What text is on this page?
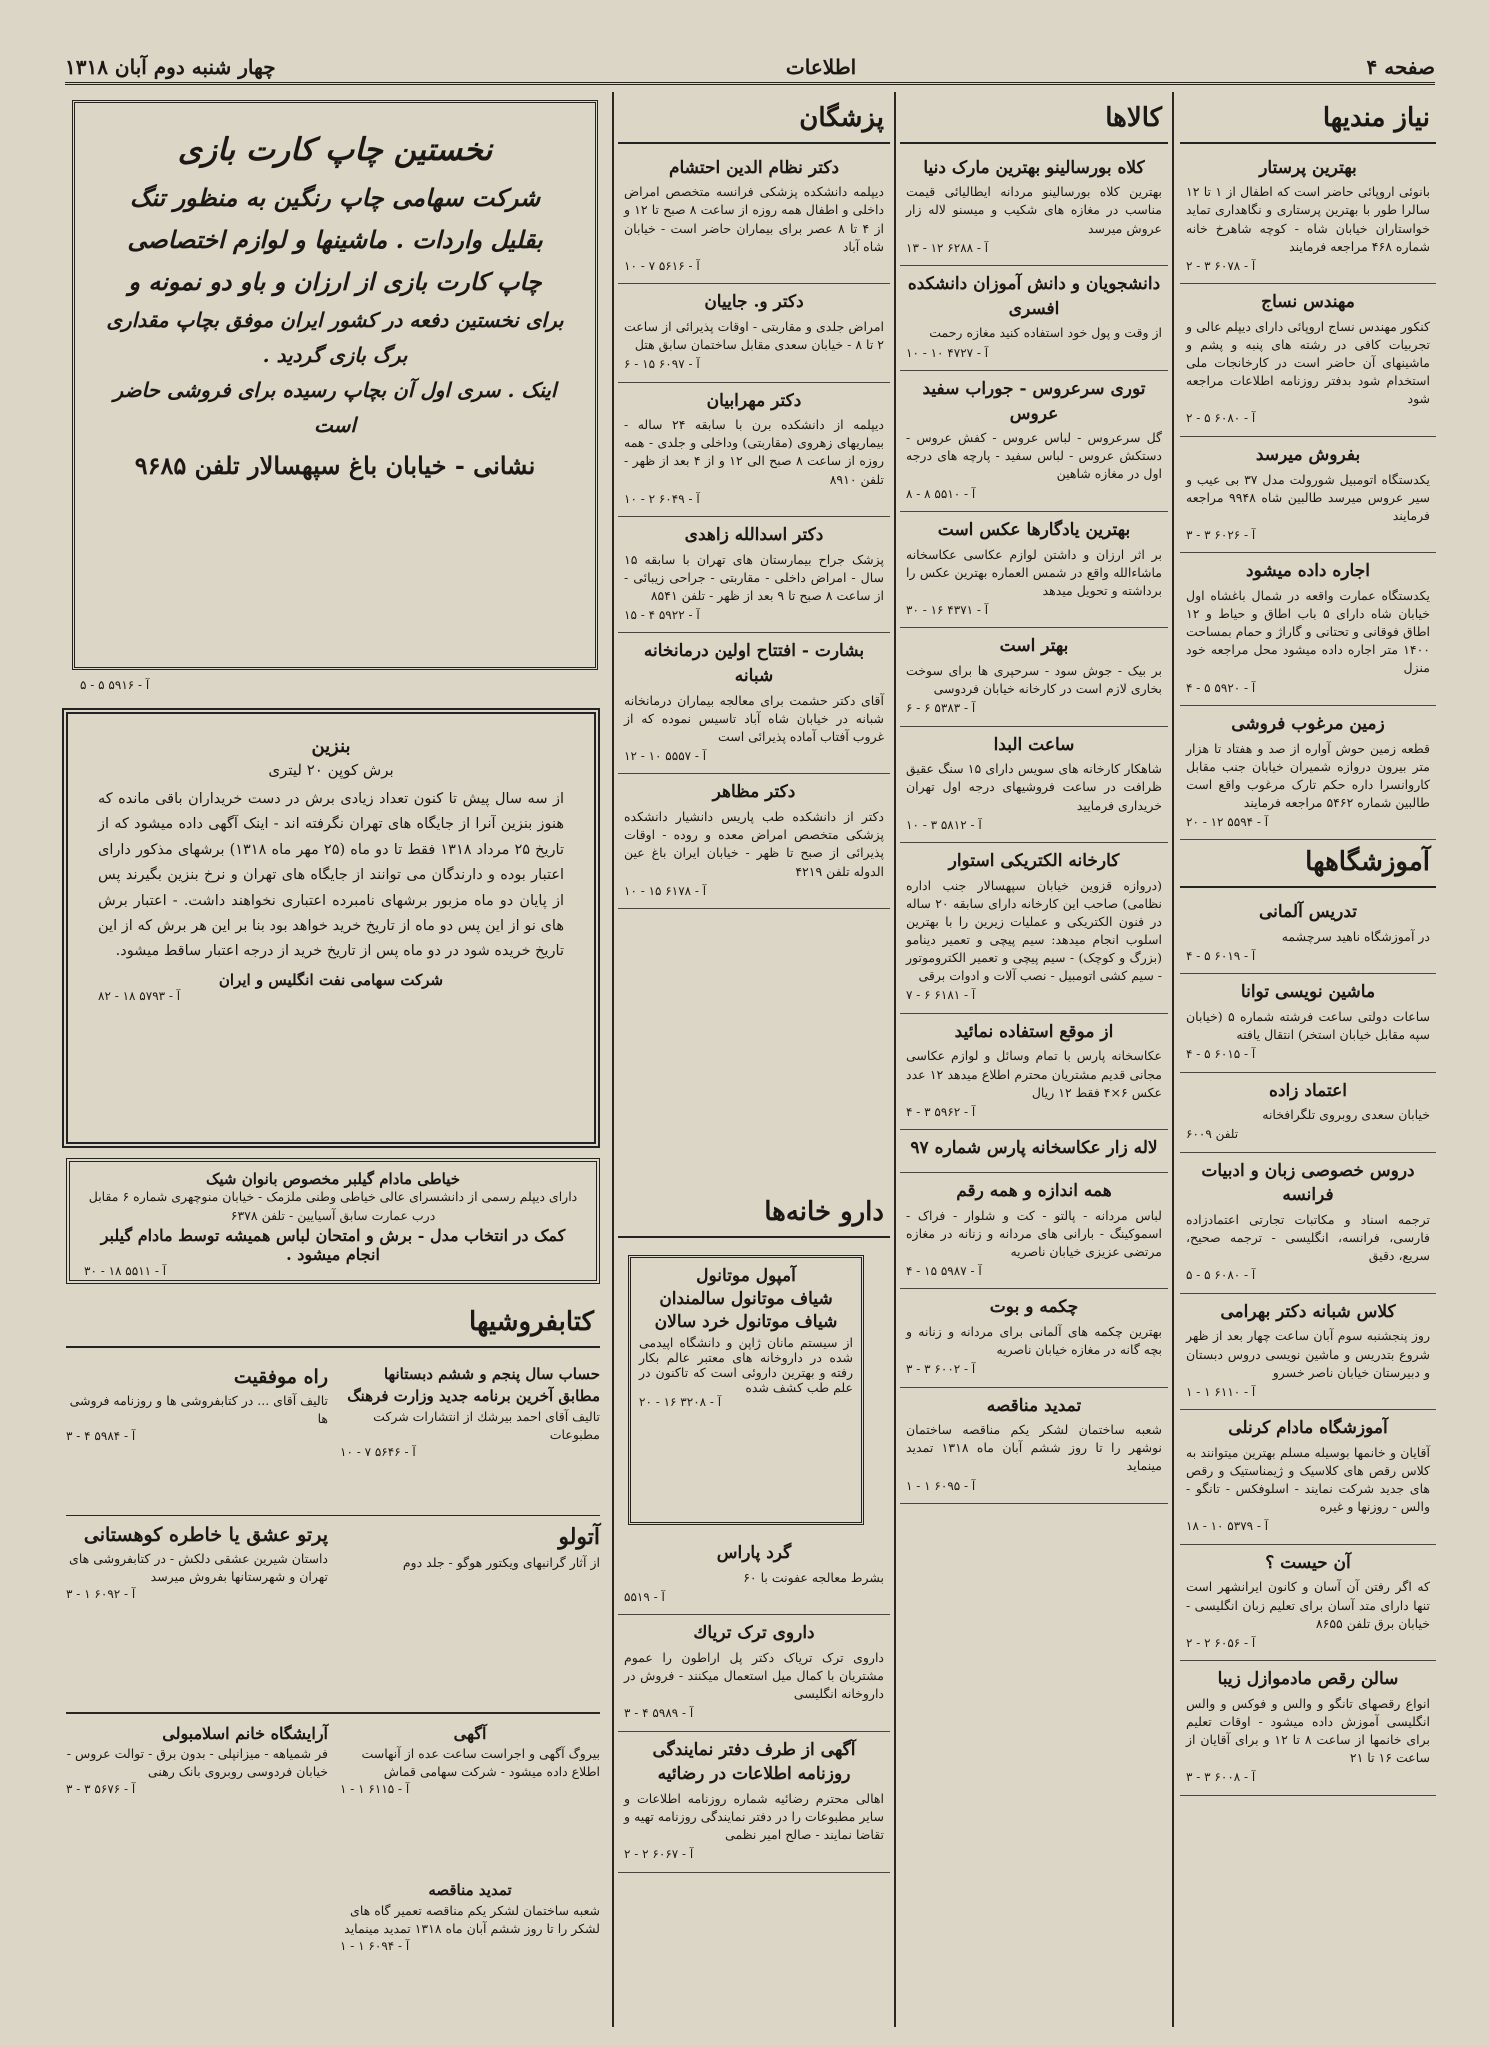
صفحه ۴
اطلاعات
چهار شنبه دوم آبان ۱۳۱۸
نیاز مندیها
بهترین پرستار
بانوئی اروپائی حاضر است که اطفال از ۱ تا ۱۲ سالرا طور با بهترین پرستاری و نگاهداری تماید خواستاران خیابان شاه - کوچه شاهرخ خانه شماره ۴۶۸ مراجعه فرمایند
آ - ۶۰۷۸ ۳ - ۲
مهندس نساج
کنکور مهندس نساج اروپائی دارای دیپلم عالی و تجربیات کافی در رشته های پنبه و پشم و ماشینهای آن حاضر است در کارخانجات ملی استخدام شود بدفتر روزنامه اطلاعات مراجعه شود
آ - ۶۰۸۰ ۵ - ۲
بفروش میرسد
یکدستگاه اتومبیل شورولت مدل ۳۷ بی عیب و سیر عروس میرسد طالبین شاه ۹۹۴۸ مراجعه فرمایند
آ - ۶۰۲۶ ۳ - ۳
اجاره داده میشود
یکدستگاه عمارت واقعه در شمال باغشاه اول خیابان شاه دارای ۵ باب اطاق و حیاط و ۱۲ اطاق فوقانی و تحتانی و گاراژ و حمام بمساحت ۱۴۰۰ متر اجاره داده میشود محل مراجعه خود منزل
آ - ۵۹۲۰ ۵ - ۴
زمین مرغوب فروشی
قطعه زمین حوش آواره از صد و هفتاد تا هزار متر بیرون دروازه شمیران خیابان جنب مقابل کاروانسرا داره حکم تارک مرغوب واقع است طالبین شماره ۵۴۶۲ مراجعه فرمایند
آ - ۵۵۹۴ ۱۲ - ۲۰
آموزشگاهها
تدریس آلمانی
در آموزشگاه ناهید سرچشمه
آ - ۶۰۱۹ ۵ - ۴
ماشین نویسی توانا
ساعات دولتی ساعت فرشته شماره ۵ (خیابان سپه مقابل خیابان استخر) انتقال یافته
آ - ۶۰۱۵ ۵ - ۴
اعتماد زاده
خیابان سعدی روبروی تلگرافخانه
تلفن ۶۰۰۹
دروس خصوصی زبان و ادبیات فرانسه
ترجمه اسناد و مکاتبات تجارتی اعتمادزاده فارسی، فرانسه، انگلیسی - ترجمه صحیح، سریع، دقیق
آ - ۶۰۸۰ ۵ - ۵
کلاس شبانه دکتر بهرامی
روز پنجشنبه سوم آبان ساعت چهار بعد از ظهر شروع بتدریس و ماشین نویسی دروس دبستان و دبیرستان خیابان ناصر خسرو
آ - ۶۱۱۰ ۱ - ۱
آموزشگاه مادام کرنلی
آقایان و خانمها بوسیله مسلم بهترین میتوانند به کلاس رقص های کلاسیک و ژیمناستیک و رقص های جدید شرکت نمایند - اسلوفکس - تانگو - والس - روزنها و غیره
آ - ۵۳۷۹ ۱۰ - ۱۸
آن حیست ؟
که اگر رفتن آن آسان و کانون ایرانشهر است تنها دارای متد آسان برای تعلیم زبان انگلیسی - خیابان برق تلفن ۸۶۵۵
آ - ۶۰۵۶ ۲ - ۲
سالن رقص مادموازل زیبا
انواع رقصهای تانگو و والس و فوکس و والس انگلیسی آموزش داده میشود - اوقات تعلیم برای خانمها از ساعت ۸ تا ۱۲ و برای آقایان از ساعت ۱۶ تا ۲۱
آ - ۶۰۰۸ ۳ - ۳
کالاها
کلاه بورسالینو بهترین مارک دنیا
بهترین کلاه بورسالینو مردانه ایطالیائی قیمت مناسب در مغازه های شکیب و میسنو لاله زار عروش میرسد
آ - ۶۲۸۸ ۱۲ - ۱۳
دانشجویان و دانش آموزان دانشکده افسری
از وقت و پول خود استفاده کنید مغازه رحمت
آ - ۴۷۲۷ ۱۰ - ۱۰
توری سرعروس - جوراب سفید عروس
گل سرعروس - لباس عروس - کفش عروس - دستکش عروس - لباس سفید - پارچه های درجه اول در مغازه شاهین
آ - ۵۵۱۰ ۸ - ۸
بهترین یادگارها عکس است
بر اثر ارزان و داشتن لوازم عکاسی عکاسخانه ماشاءالله واقع در شمس العماره بهترین عکس را برداشته و تحویل میدهد
آ - ۴۳۷۱ ۱۶ - ۳۰
بهتر است
بر بیک - جوش سود - سرحپری ها برای سوخت بخاری لازم است در کارخانه خیابان فردوسی
آ - ۵۳۸۳ ۶ - ۶
ساعت البدا
شاهکار کارخانه های سویس دارای ۱۵ سنگ عقیق ظرافت در ساعت فروشیهای درجه اول تهران خریداری فرمایید
آ - ۵۸۱۲ ۳ - ۱۰
کارخانه الکتریکی استوار
(دروازه قزوین خیابان سپهسالار جنب اداره نظامی) صاحب این کارخانه دارای سابقه ۲۰ ساله در فنون الکتریکی و عملیات زیرین را با بهترین اسلوب انجام میدهد: سیم پیچی و تعمیر دینامو (بزرگ و کوچک) - سیم پیچی و تعمیر الکتروموتور - سیم کشی اتومبیل - نصب آلات و ادوات برقی
آ - ۶۱۸۱ ۶ - ۷
از موقع استفاده نمائید
عکاسخانه پارس با تمام وسائل و لوازم عکاسی مجانی قدیم مشتریان محترم اطلاع میدهد ۱۲ عدد عکس ۶×۴ فقط ۱۲ ریال
آ - ۵۹۶۲ ۳ - ۴
لاله زار عکاسخانه پارس شماره ۹۷
همه اندازه و همه رقم
لباس مردانه - پالتو - کت و شلوار - فراک - اسموکینگ - بارانی های مردانه و زنانه در مغازه مرتضی عزیزی خیابان ناصریه
آ - ۵۹۸۷ ۱۵ - ۴
چکمه و بوت
بهترین چکمه های آلمانی برای مردانه و زنانه و بچه گانه در مغازه خیابان ناصریه
آ - ۶۰۰۲ ۳ - ۳
تمدید مناقصه
شعبه ساختمان لشکر یکم مناقصه ساختمان نوشهر را تا روز ششم آبان ماه ۱۳۱۸ تمدید مینماید
آ - ۶۰۹۵ ۱ - ۱
پزشگان
دکتر نظام الدین احتشام
دیپلمه دانشکده پزشکی فرانسه متخصص امراض داخلی و اطفال همه روزه از ساعت ۸ صبح تا ۱۲ و از ۴ تا ۸ عصر برای بیماران حاضر است - خیابان شاه آباد
آ - ۵۶۱۶ ۷ - ۱۰
دکتر و. جاییان
امراض جلدی و مقاربتی - اوقات پذیرائی از ساعت ۲ تا ۸ - خیابان سعدی مقابل ساختمان سابق هتل
آ - ۶۰۹۷ ۱۵ - ۶
دکتر مهرابیان
دیپلمه از دانشکده برن با سابقه ۲۴ ساله - بیماریهای زهروی (مقاربتی) وداخلی و جلدی - همه روزه از ساعت ۸ صبح الی ۱۲ و از ۴ بعد از ظهر - تلفن ۸۹۱۰
آ - ۶۰۴۹ ۲ - ۱۰
دکتر اسدالله زاهدی
پزشک جراح بیمارستان های تهران با سابقه ۱۵ سال - امراض داخلی - مقاربتی - جراحی زیبائی - از ساعت ۸ صبح تا ۹ بعد از ظهر - تلفن ۸۵۴۱
آ - ۵۹۲۲ ۴ - ۱۵
بشارت - افتتاح اولین درمانخانه شبانه
آقای دکتر حشمت برای معالجه بیماران درمانخانه شبانه در خیابان شاه آباد تاسیس نموده که از غروب آفتاب آماده پذیرائی است
آ - ۵۵۵۷ ۱۰ - ۱۲
دکتر مظاهر
دکتر از دانشکده طب پاریس دانشیار دانشکده پزشکی متخصص امراض معده و روده - اوقات پذیرائی از صبح تا ظهر - خیابان ایران باغ عین الدوله تلفن ۴۲۱۹
آ - ۶۱۷۸ ۱۵ - ۱۰
دارو خانه‌ها
آمپول موتانول
شیاف موتانول سالمندان
شیاف موتانول خرد سالان
از سیستم مانان ژاپن و دانشگاه اپیدمی شده در داروخانه های معتبر عالم بکار رفته و بهترین داروئی است که تاکنون در علم طب کشف شده
آ - ۳۲۰۸ ۱۶ - ۲۰
گرد پاراس
بشرط معالجه عفونت با ۶۰
آ - ۵۵۱۹
داروی ترک تریاك
داروی ترک تریاک دکتر پل اراطون را عموم مشتریان با کمال میل استعمال میکنند - فروش در داروخانه انگلیسی
آ - ۵۹۸۹ ۴ - ۳
آگهی از طرف دفتر نمایندگی روزنامه اطلاعات در رضائیه
اهالی محترم رضائیه شماره روزنامه اطلاعات و سایر مطبوعات را در دفتر نمایندگی روزنامه تهیه و تقاضا نمایند - صالح امیر نظمی
آ - ۶۰۶۷ ۲ - ۲
نخستین چاپ کارت بازی
شرکت سهامی چاپ رنگین به منظور تنگ
بقلیل واردات . ماشینها و لوازم اختصاصی
چاپ کارت بازی از ارزان و باو دو نمونه و
برای نخستین دفعه در کشور ایران موفق بچاپ مقداری برگ بازی گردید .
اینک . سری اول آن بچاپ رسیده برای فروشی حاضر است
نشانی - خیابان باغ سپهسالار تلفن ۹۶۸۵
آ - ۵۹۱۶ ۵ - ۵
بنزین
برش کوپن ۲۰ لیتری
از سه سال پیش تا کنون تعداد زیادی برش در دست خریداران باقی مانده که هنوز بنزین آنرا از جایگاه های تهران نگرفته اند - اینک آگهی داده میشود که از تاریخ ۲۵ مرداد ۱۳۱۸ فقط تا دو ماه (۲۵ مهر ماه ۱۳۱۸) برشهای مذکور دارای اعتبار بوده و دارندگان می توانند از جایگاه های تهران و نرخ بنزین بگیرند پس از پایان دو ماه مزبور برشهای نامبرده اعتباری نخواهند داشت. - اعتبار برش های نو از این پس دو ماه از تاریخ خرید خواهد بود بنا بر این هر برش که از این تاریخ خریده شود در دو ماه پس از تاریخ خرید از درجه اعتبار ساقط میشود.
شرکت سهامی نفت انگلیس و ایران
آ - ۵۷۹۳ ۱۸ - ۸۲
خیاطی مادام گیلبر مخصوص بانوان شیک
دارای دیپلم رسمی از دانشسرای عالی خیاطی وطنی ملزمک - خیابان منوچهری شماره ۶ مقابل درب عمارت سابق آسیایین - تلفن ۶۳۷۸
کمک در انتخاب مدل - برش و امتحان لباس همیشه توسط مادام گیلبر انجام میشود .
آ - ۵۵۱۱ ۱۸ - ۳۰
کتابفروشیها
حساب سال پنجم و ششم دبستانها مطابق آخرین برنامه جدید وزارت فرهنگ
تالیف آقای احمد بیرشك از انتشارات شرکت مطبوعات
آ - ۵۶۴۶ ۷ - ۱۰
راه موفقیت
تالیف آقای ... در کتابفروشی ها و روزنامه فروشی ها
آ - ۵۹۸۴ ۴ - ۳
آتولو
از آثار گرانبهای ویکتور هوگو - جلد دوم
پرتو عشق یا خاطره کوهستانی
داستان شیرین عشقی دلکش - در کتابفروشی های تهران و شهرستانها بفروش میرسد
آ - ۶۰۹۲ ۱ - ۳
آرایشگاه خانم اسلامبولی
فر شمیاهه - میزانپلی - بدون برق - توالت عروس - خیابان فردوسی روبروی بانک رهنی
آ - ۵۶۷۶ ۳ - ۳
آگهی
بیروگ آگهی و اجراست ساعت عده از آنهاست اطلاع داده میشود - شرکت سهامی قماش
آ - ۶۱۱۵ ۱ - ۱
تمدید مناقصه
شعبه ساختمان لشکر یکم مناقصه تعمیر گاه های لشکر را تا روز ششم آبان ماه ۱۳۱۸ تمدید مینماید
آ - ۶۰۹۴ ۱ - ۱
